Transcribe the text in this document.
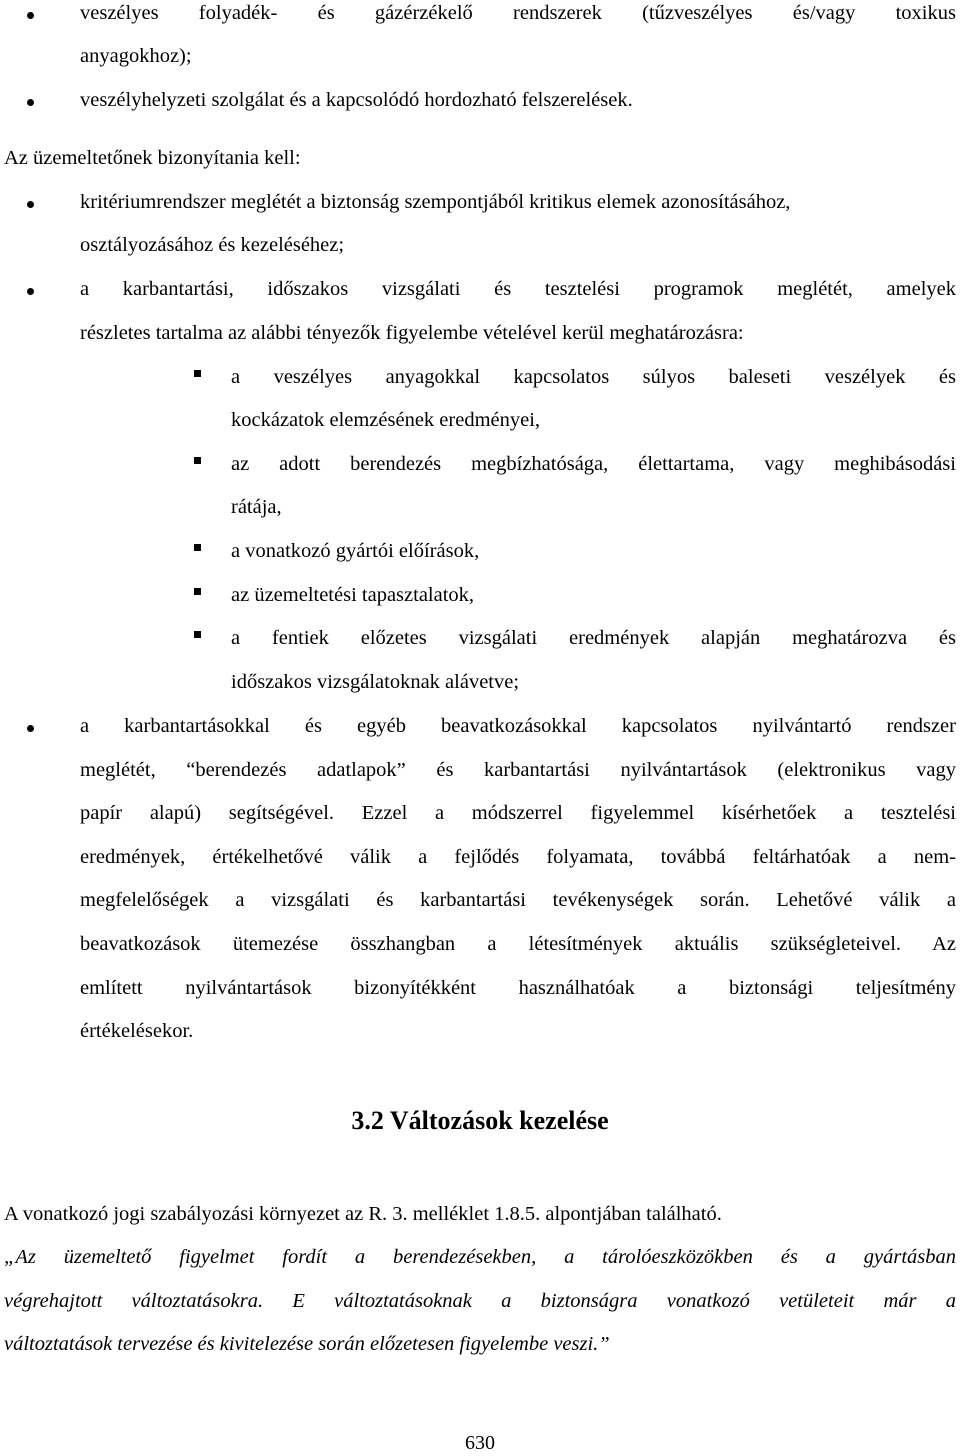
veszélyes folyadék- és gázérzékelő rendszerek (tűzveszélyes és/vagy toxikus
anyagokhoz);
veszélyhelyzeti szolgálat és a kapcsolódó hordozható felszerelések.
Az üzemeltetőnek bizonyítania kell:
kritériumrendszer meglétét a biztonság szempontjából kritikus elemek azonosításához,
osztályozásához és kezeléséhez;
a karbantartási, időszakos vizsgálati és tesztelési programok meglétét, amelyek
részletes tartalma az alábbi tényezők figyelembe vételével kerül meghatározásra:
a veszélyes anyagokkal kapcsolatos súlyos baleseti veszélyek és
kockázatok elemzésének eredményei,
az adott berendezés megbízhatósága, élettartama, vagy meghibásodási
rátája,
a vonatkozó gyártói előírások,
az üzemeltetési tapasztalatok,
a fentiek előzetes vizsgálati eredmények alapján meghatározva és
időszakos vizsgálatoknak alávetve;
a karbantartásokkal és egyéb beavatkozásokkal kapcsolatos nyilvántartó rendszer
meglétét, “berendezés adatlapok” és karbantartási nyilvántartások (elektronikus vagy
papír alapú) segítségével. Ezzel a módszerrel figyelemmel kísérhetőek a tesztelési
eredmények, értékelhetővé válik a fejlődés folyamata, továbbá feltárhatóak a nem-
megfelelőségek a vizsgálati és karbantartási tevékenységek során. Lehetővé válik a
beavatkozások ütemezése összhangban a létesítmények aktuális szükségleteivel. Az
említett nyilvántartások bizonyítékként használhatóak a biztonsági teljesítmény
értékelésekor.
3.2 Változások kezelése
A vonatkozó jogi szabályozási környezet az R. 3. melléklet 1.8.5. alpontjában található.
„Az üzemeltető figyelmet fordít a berendezésekben, a tárolóeszközökben és a gyártásban
végrehajtott változtatásokra. E változtatásoknak a biztonságra vonatkozó vetületeit már a
változtatások tervezése és kivitelezése során előzetesen figyelembe veszi.”
630
